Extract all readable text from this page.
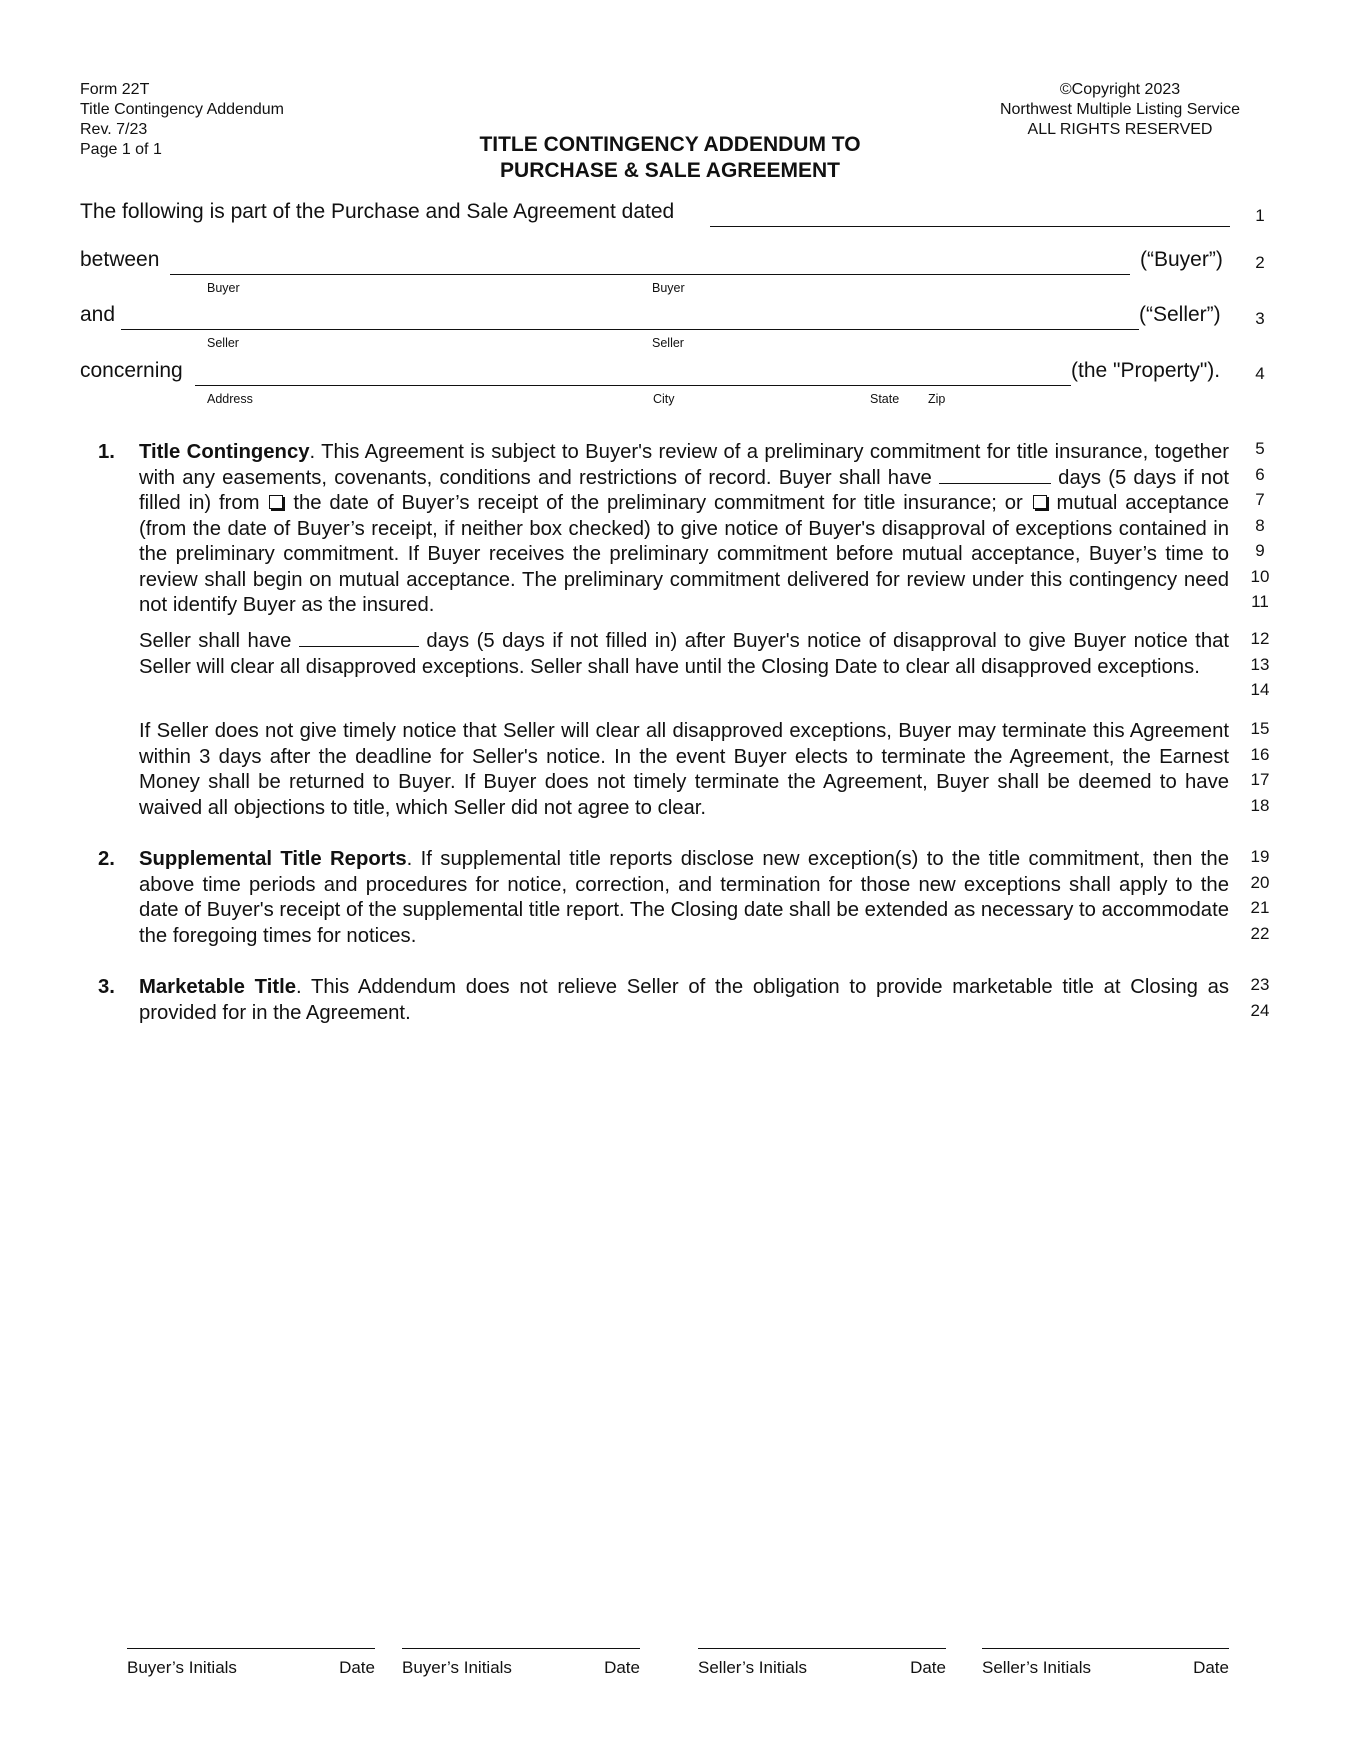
Form 22T
Title Contingency Addendum
Rev. 7/23
Page 1 of 1
©Copyright 2023
Northwest Multiple Listing Service
ALL RIGHTS RESERVED
TITLE CONTINGENCY ADDENDUM TO
PURCHASE & SALE AGREEMENT
The following is part of the Purchase and Sale Agreement dated	1
between	(“Buyer”)
Buyer	Buyer
2
and	(“Seller”)
Seller	Seller
3
concerning	(the "Property").
Address	City	State Zip
4
1. Title Contingency. This Agreement is subject to Buyer's review of a preliminary commitment for title insurance, together with any easements, covenants, conditions and restrictions of record. Buyer shall have	days (5 days if not filled in) from the date of Buyer’s receipt of the preliminary commitment for title insurance; or mutual acceptance (from the date of Buyer’s receipt, if neither box checked) to give notice of Buyer's disapproval of exceptions contained in the preliminary commitment. If Buyer receives the preliminary commitment before mutual acceptance, Buyer’s time to review shall begin on mutual acceptance. The preliminary commitment delivered for review under this contingency need not identify Buyer as the insured.
5
6
7
8
9
10
11
Seller shall have	days (5 days if not filled in) after Buyer's notice of disapproval to give Buyer notice that Seller will clear all disapproved exceptions. Seller shall have until the Closing Date to clear all disapproved exceptions.
12
13
14
If Seller does not give timely notice that Seller will clear all disapproved exceptions, Buyer may terminate this Agreement within 3 days after the deadline for Seller's notice. In the event Buyer elects to terminate the Agreement, the Earnest Money shall be returned to Buyer. If Buyer does not timely terminate the Agreement, Buyer shall be deemed to have waived all objections to title, which Seller did not agree to clear.
15
16
17
18
2. Supplemental Title Reports. If supplemental title reports disclose new exception(s) to the title commitment, then the above time periods and procedures for notice, correction, and termination for those new exceptions shall apply to the date of Buyer's receipt of the supplemental title report. The Closing date shall be extended as necessary to accommodate the foregoing times for notices.
19
20
21
22
3. Marketable Title. This Addendum does not relieve Seller of the obligation to provide marketable title at Closing as provided for in the Agreement.
23
24
Buyer’s Initials	Date Buyer’s Initials	Date	Seller’s Initials	Date Seller’s Initials	Date
